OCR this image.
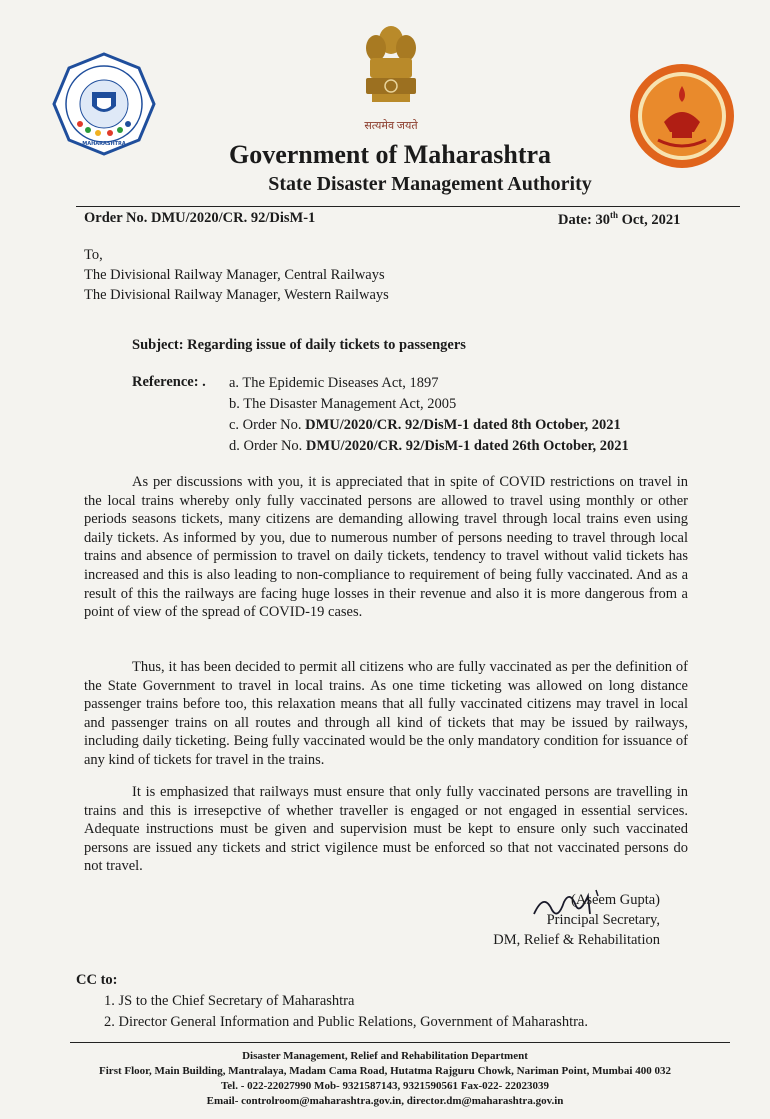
MAHARASHTRA
सत्यमेव जयते
Government of Maharashtra
State Disaster Management Authority
Order No. DMU/2020/CR. 92/DisM-1	Date: 30th Oct, 2021
To,
The Divisional Railway Manager, Central Railways
The Divisional Railway Manager, Western Railways
Subject: Regarding issue of daily tickets to passengers
Reference: . a. The Epidemic Diseases Act, 1897
b. The Disaster Management Act, 2005
c. Order No. DMU/2020/CR. 92/DisM-1 dated 8th October, 2021
d. Order No. DMU/2020/CR. 92/DisM-1 dated 26th October, 2021
As per discussions with you, it is appreciated that in spite of COVID restrictions on travel in the local trains whereby only fully vaccinated persons are allowed to travel using monthly or other periods seasons tickets, many citizens are demanding allowing travel through local trains even using daily tickets. As informed by you, due to numerous number of persons needing to travel through local trains and absence of permission to travel on daily tickets, tendency to travel without valid tickets has increased and this is also leading to non-compliance to requirement of being fully vaccinated. And as a result of this the railways are facing huge losses in their revenue and also it is more dangerous from a point of view of the spread of COVID-19 cases.
Thus, it has been decided to permit all citizens who are fully vaccinated as per the definition of the State Government to travel in local trains. As one time ticketing was allowed on long distance passenger trains before too, this relaxation means that all fully vaccinated citizens may travel in local and passenger trains on all routes and through all kind of tickets that may be issued by railways, including daily ticketing. Being fully vaccinated would be the only mandatory condition for issuance of any kind of tickets for travel in the trains.
It is emphasized that railways must ensure that only fully vaccinated persons are travelling in trains and this is irresepctive of whether traveller is engaged or not engaged in essential services. Adequate instructions must be given and supervision must be kept to ensure only such vaccinated persons are issued any tickets and strict vigilence must be enforced so that not vaccinated persons do not travel.
(Aseem Gupta)
Principal Secretary,
DM, Relief & Rehabilitation
CC to:
1. JS to the Chief Secretary of Maharashtra
2. Director General Information and Public Relations, Government of Maharashtra.
Disaster Management, Relief and Rehabilitation Department
First Floor, Main Building, Mantralaya, Madam Cama Road, Hutatma Rajguru Chowk, Nariman Point, Mumbai 400 032
Tel. - 022-22027990 Mob- 9321587143, 9321590561 Fax-022- 22023039
Email- controlroom@maharashtra.gov.in, director.dm@maharashtra.gov.in
